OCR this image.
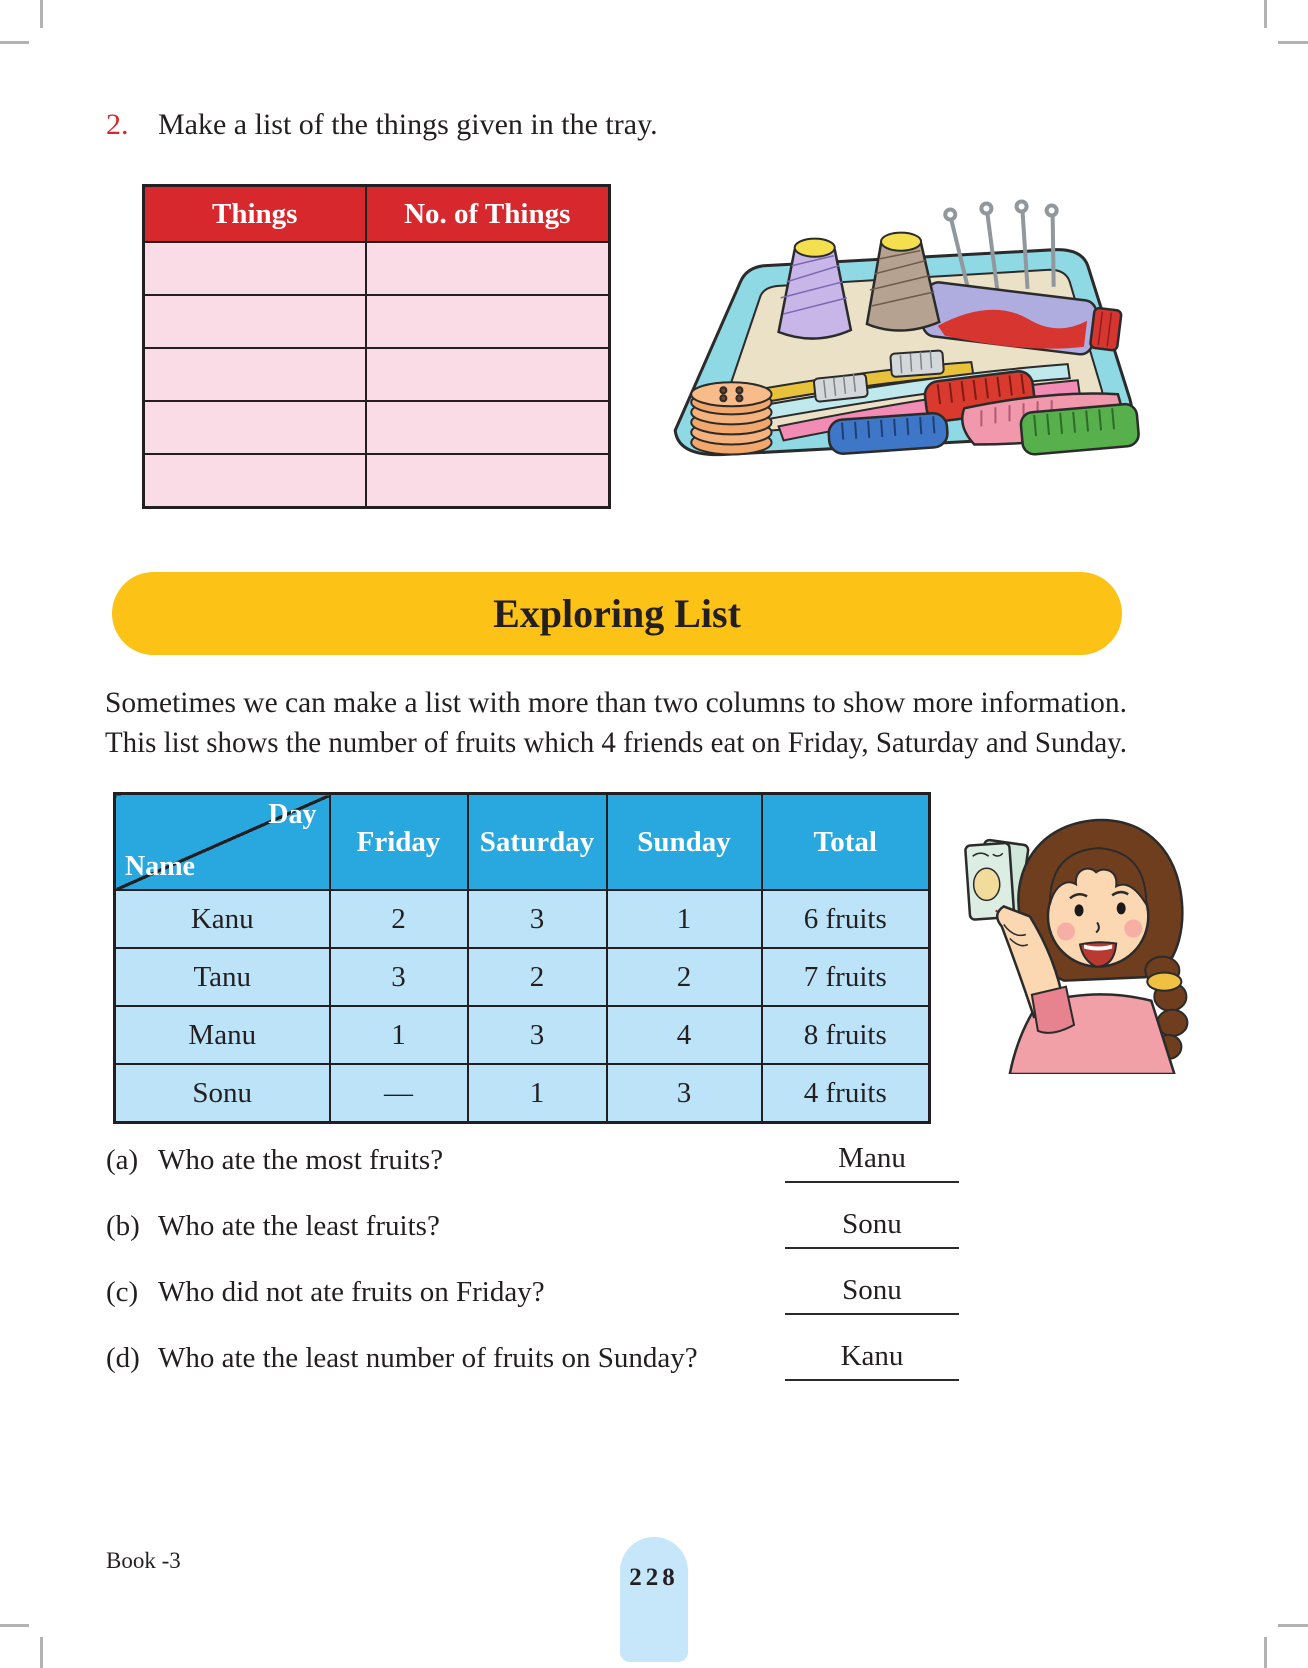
2. Make a list of the things given in the tray.
Things	No. of Things

Exploring List
Sometimes we can make a list with more than two columns to show more information.
This list shows the number of fruits which 4 friends eat on Friday, Saturday and Sunday.
Day
Name	Friday	Saturday	Sunday	Total
Kanu	2	3	1	6 fruits
Tanu	3	2	2	7 fruits
Manu	1	3	4	8 fruits
Sonu	—	1	3	4 fruits
(a) Who ate the most fruits?	Manu
(b) Who ate the least fruits?	Sonu
(c) Who did not ate fruits on Friday?	Sonu
(d) Who ate the least number of fruits on Sunday?	Kanu
Book -3
228
